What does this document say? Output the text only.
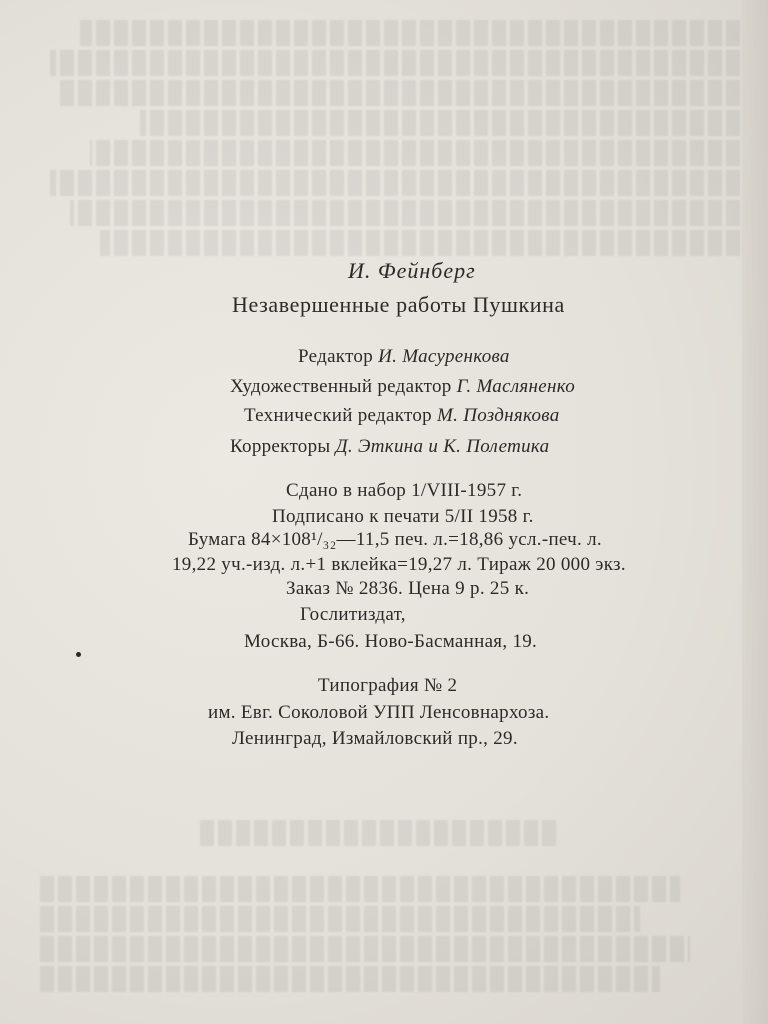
И. Фейнберг
Незавершенные работы Пушкина
Редактор И. Масуренкова
Художественный редактор Г. Масляненко
Технический редактор М. Позднякова
Корректоры Д. Эткина и К. Полетика
Сдано в набор 1/VIII-1957 г.
Подписано к печати 5/II 1958 г.
Бумага 84×108¹/₃₂—11,5 печ. л.=18,86 усл.-печ. л.
19,22 уч.-изд. л.+1 вклейка=19,27 л. Тираж 20 000 экз.
Заказ № 2836. Цена 9 р. 25 к.
Гослитиздат,
Москва, Б-66. Ново-Басманная, 19.
Типография № 2
им. Евг. Соколовой УПП Ленсовнархоза.
Ленинград, Измайловский пр., 29.
